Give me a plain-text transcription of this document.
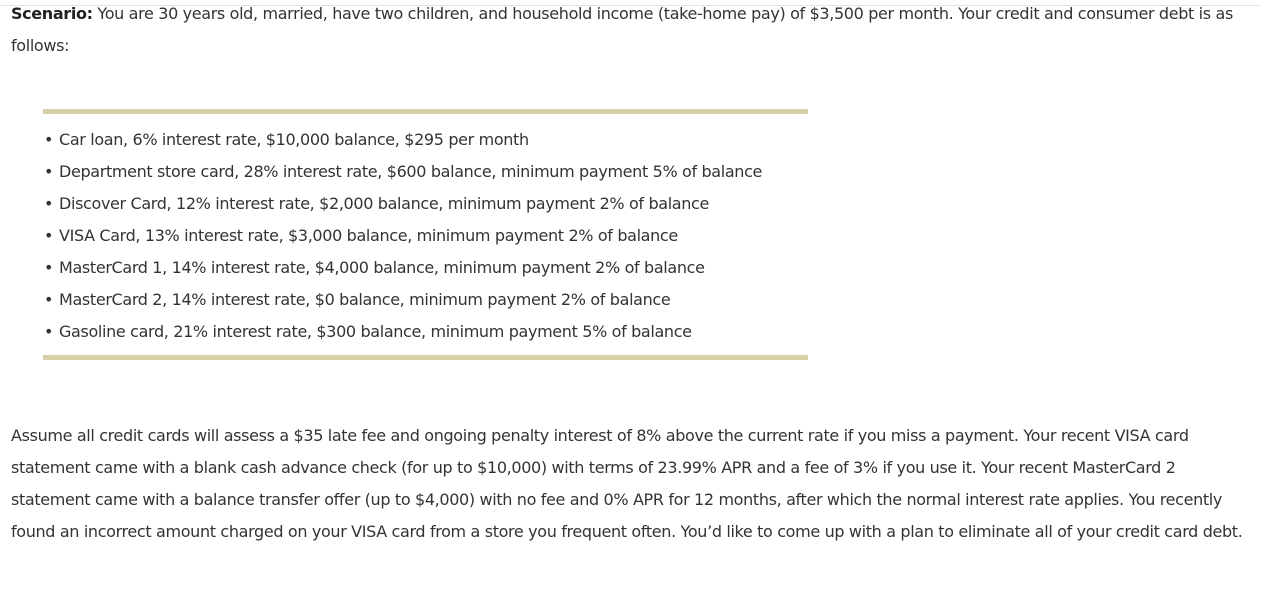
Scenario: You are 30 years old, married, have two children, and household income (take-home pay) of $3,500 per month. Your credit and consumer debt is as follows:

• Car loan, 6% interest rate, $10,000 balance, $295 per month
• Department store card, 28% interest rate, $600 balance, minimum payment 5% of balance
• Discover Card, 12% interest rate, $2,000 balance, minimum payment 2% of balance
• VISA Card, 13% interest rate, $3,000 balance, minimum payment 2% of balance
• MasterCard 1, 14% interest rate, $4,000 balance, minimum payment 2% of balance
• MasterCard 2, 14% interest rate, $0 balance, minimum payment 2% of balance
• Gasoline card, 21% interest rate, $300 balance, minimum payment 5% of balance

Assume all credit cards will assess a $35 late fee and ongoing penalty interest of 8% above the current rate if you miss a payment. Your recent VISA card statement came with a blank cash advance check (for up to $10,000) with terms of 23.99% APR and a fee of 3% if you use it. Your recent MasterCard 2 statement came with a balance transfer offer (up to $4,000) with no fee and 0% APR for 12 months, after which the normal interest rate applies. You recently found an incorrect amount charged on your VISA card from a store you frequent often. You’d like to come up with a plan to eliminate all of your credit card debt.
